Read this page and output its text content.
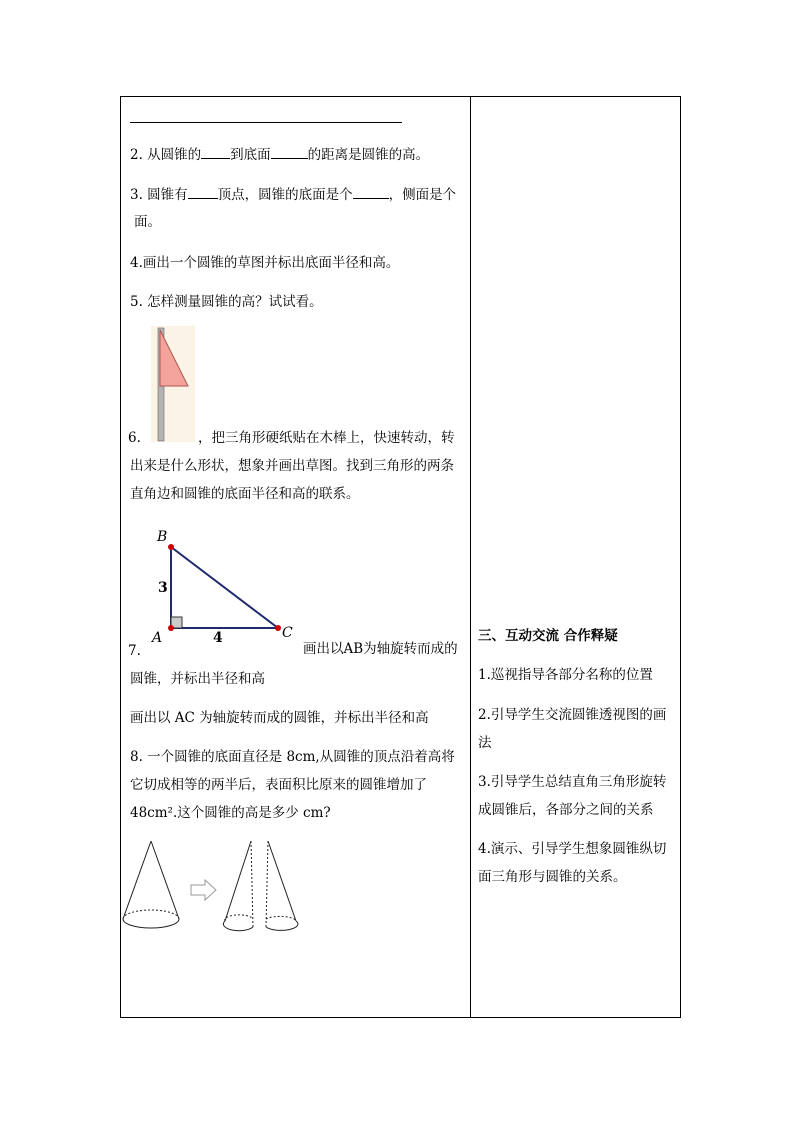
2. 从圆锥的 到底面	的距离是圆锥的高。
3. 圆锥有 顶点，圆锥的底面是个	，侧面是个
面。
4.画出一个圆锥的草图并标出底面半径和高。
5. 怎样测量圆锥的高？试试看。
6.	，把三角形硬纸贴在木棒上，快速转动，转
出来是什么形状，想象并画出草图。找到三角形的两条
直角边和圆锥的底面半径和高的联系。
B
A	C
3
4
7.	画出以AB为轴旋转而成的
圆锥，并标出半径和高
画出以 AC 为轴旋转而成的圆锥，并标出半径和高
8. 一个圆锥的底面直径是 8cm,从圆锥的顶点沿着高将
它切成相等的两半后，表面积比原来的圆锥增加了
48cm².这个圆锥的高是多少 cm?
三、互动交流 合作释疑
1.巡视指导各部分名称的位置
2.引导学生交流圆锥透视图的画
法
3.引导学生总结直角三角形旋转
成圆锥后，各部分之间的关系
4.演示、引导学生想象圆锥纵切
面三角形与圆锥的关系。
